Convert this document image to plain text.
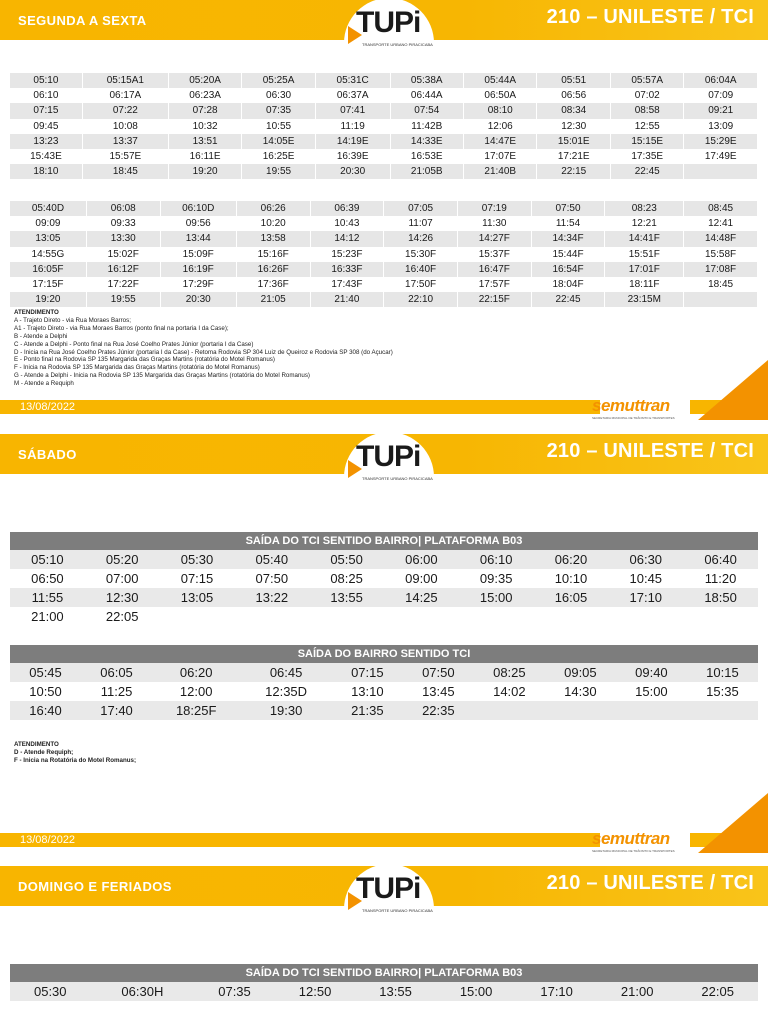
SEGUNDA A SEXTA	210 – UNILESTE / TCI
TUPi
TRANSPORTE URBANO PIRACICABA
SAÍDA DO TCI SENTIDO BAIRRO| PLATAFORMA B03									
05:10	05:15A1	05:20A	05:25A	05:31C	05:38A	05:44A	05:51	05:57A	06:04A
06:10	06:17A	06:23A	06:30	06:37A	06:44A	06:50A	06:56	07:02	07:09
07:15	07:22	07:28	07:35	07:41	07:54	08:10	08:34	08:58	09:21
09:45	10:08	10:32	10:55	11:19	11:42B	12:06	12:30	12:55	13:09
13:23	13:37	13:51	14:05E	14:19E	14:33E	14:47E	15:01E	15:15E	15:29E
15:43E	15:57E	16:11E	16:25E	16:39E	16:53E	17:07E	17:21E	17:35E	17:49E
18:10	18:45	19:20	19:55	20:30	21:05B	21:40B	22:15	22:45	
SAÍDA DO BAIRRO SENTIDO TCI									
05:40D	06:08	06:10D	06:26	06:39	07:05	07:19	07:50	08:23	08:45
09:09	09:33	09:56	10:20	10:43	11:07	11:30	11:54	12:21	12:41
13:05	13:30	13:44	13:58	14:12	14:26	14:27F	14:34F	14:41F	14:48F
14:55G	15:02F	15:09F	15:16F	15:23F	15:30F	15:37F	15:44F	15:51F	15:58F
16:05F	16:12F	16:19F	16:26F	16:33F	16:40F	16:47F	16:54F	17:01F	17:08F
17:15F	17:22F	17:29F	17:36F	17:43F	17:50F	17:57F	18:04F	18:11F	18:45
19:20	19:55	20:30	21:05	21:40	22:10	22:15F	22:45	23:15M	
ATENDIMENTO
A - Trajeto Direto - via Rua Moraes Barros;
A1 - Trajeto Direto - via Rua Moraes Barros (ponto final na portaria I da Case);
B - Atende a Delphi
C - Atende a Delphi - Ponto final na Rua José Coelho Prates Júnior (portaria I da Case)
D - Inicia na Rua José Coelho Prates Júnior (portaria I da Case) - Retoma Rodovia SP 304 Luiz de Queiroz e Rodovia SP 308 (do Açucar)
E - Ponto final na Rodovia SP 135 Margarida das Graças Martins (rotatória do Motel Romanus)
F - Inicia na Rodovia SP 135 Margarida das Graças Martins (rotatória do Motel Romanus)
G - Atende a Delphi - Inicia na Rodovia SP 135 Margarida das Graças Martins (rotatória do Motel Romanus)
M - Atende a Requiph
13/08/2022	semuttran
SECRETARIA MUNICIPAL DE TRÂNSITO E TRANSPORTES
SÁBADO	210 – UNILESTE / TCI
TUPi
TRANSPORTE URBANO PIRACICABA
SAÍDA DO TCI SENTIDO BAIRRO| PLATAFORMA B03									
05:10	05:20	05:30	05:40	05:50	06:00	06:10	06:20	06:30	06:40
06:50	07:00	07:15	07:50	08:25	09:00	09:35	10:10	10:45	11:20
11:55	12:30	13:05	13:22	13:55	14:25	15:00	16:05	17:10	18:50
21:00	22:05								
SAÍDA DO BAIRRO SENTIDO TCI									
05:45	06:05	06:20	06:45	07:15	07:50	08:25	09:05	09:40	10:15
10:50	11:25	12:00	12:35D	13:10	13:45	14:02	14:30	15:00	15:35
16:40	17:40	18:25F	19:30	21:35	22:35				
ATENDIMENTO
D - Atende Requiph;
F - Inicia na Rotatória do Motel Romanus;
13/08/2022	semuttran
SECRETARIA MUNICIPAL DE TRÂNSITO E TRANSPORTES
DOMINGO E FERIADOS	210 – UNILESTE / TCI
TUPi
TRANSPORTE URBANO PIRACICABA
SAÍDA DO TCI SENTIDO BAIRRO| PLATAFORMA B03
05:30	06:30H	07:35	12:50	13:55	15:00	17:10	21:00	22:05	
